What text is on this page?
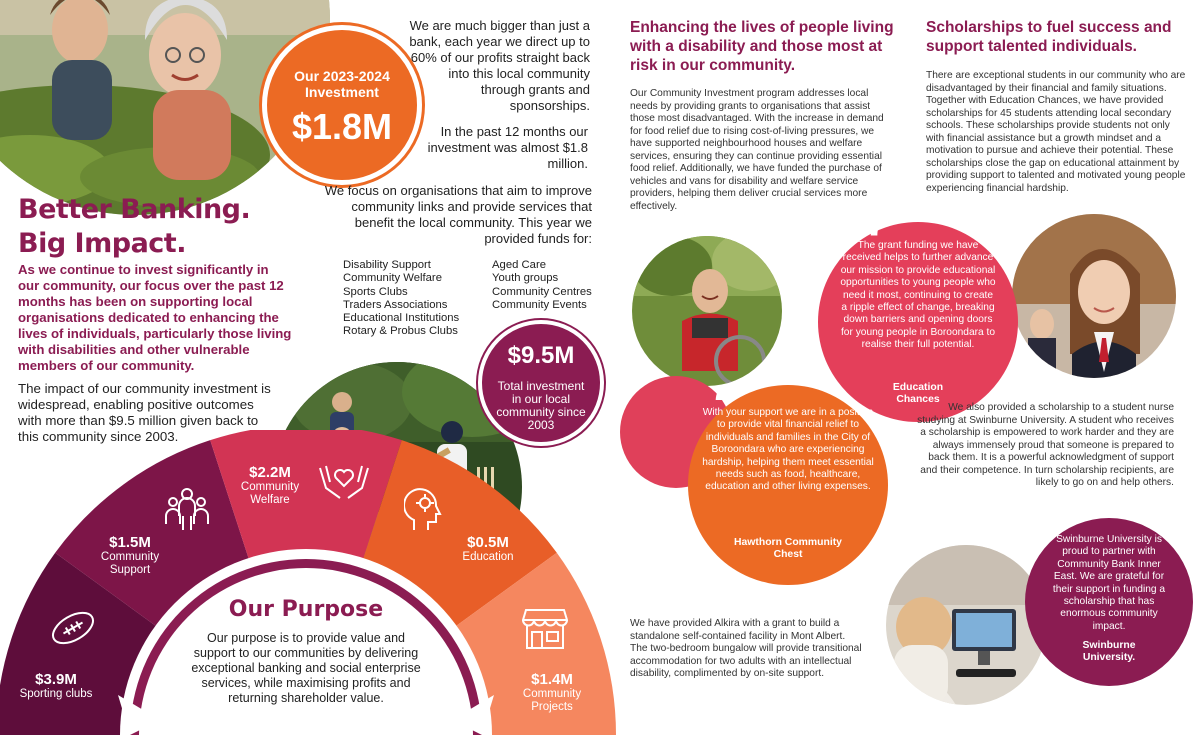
Our 2023-2024 Investment
$1.8M

We are much bigger than just a bank, each year we direct up to 60% of our profits straight back into this local community through grants and sponsorships.

In the past 12 months our investment was almost $1.8 million.

We focus on organisations that aim to improve community links and provide services that benefit the local community. This year we provided funds for:

Better Banking.
Big Impact.

As we continue to invest significantly in our community, our focus over the past 12 months has been on supporting local organisations dedicated to enhancing the lives of individuals, particularly those living with disabilities and other vulnerable members of our community.

The impact of our community investment is widespread, enabling positive outcomes with more than $9.5 million given back to this community since 2003.

Disability Support
Community Welfare
Sports Clubs
Traders Associations
Educational Institutions
Rotary & Probus Clubs
Aged Care
Youth groups
Community Centres
Community Events
$9.5M
Total investment in our local community since 2003
$3.9M
Sporting clubs
$1.5M
Community Support
$2.2M
Community Welfare
$0.5M
Education
$1.4M
Community Projects
Our Purpose

Our purpose is to provide value and support to our communities by delivering exceptional banking and social enterprise services, while maximising profits and returning shareholder value.

Enhancing the lives of people living with a disability and those most at risk in our community.

Our Community Investment program addresses local needs by providing grants to organisations that assist those most disadvantaged. With the increase in demand for food relief due to rising cost-of-living pressures, we have supported neighbourhood houses and welfare services, ensuring they can continue providing essential food relief. Additionally, we have funded the purchase of vehicles and vans for disability and welfare service providers, helping them deliver crucial services more effectively.

Scholarships to fuel success and support talented individuals.

There are exceptional students in our community who are disadvantaged by their financial and family situations. Together with Education Chances, we have provided scholarships for 45 students attending local secondary schools. These scholarships provide students not only with financial assistance but a growth mindset and a motivation to pursue and achieve their potential. These scholarships close the gap on educational attainment by providing support to talented and motivated young people experiencing financial hardship.

“
The grant funding we have received helps to further advance our mission to provide educational opportunities to young people who need it most, continuing to create a ripple effect of change, breaking down barriers and opening doors for young people in Boroondara to realise their full potential.
Education Chances
“
With your support we are in a position to provide vital financial relief to individuals and families in the City of Boroondara who are experiencing hardship, helping them meet essential needs such as food, healthcare, education and other living expenses.
Hawthorn Community Chest

We also provided a scholarship to a student nurse studying at Swinburne University. A student who receives a scholarship is empowered to work harder and they are always immensely proud that someone is prepared to back them. It is a powerful acknowledgment of support and their competence. In turn scholarship recipients, are likely to go on and help others.

“
Swinburne University is proud to partner with Community Bank Inner East. We are grateful for their support in funding a scholarship that has enormous community impact.
Swinburne University.

We have provided Alkira with a grant to build a standalone self-contained facility in Mont Albert. The two-bedroom bungalow will provide transitional accommodation for two adults with an intellectual disability, complimented by on-site support.
